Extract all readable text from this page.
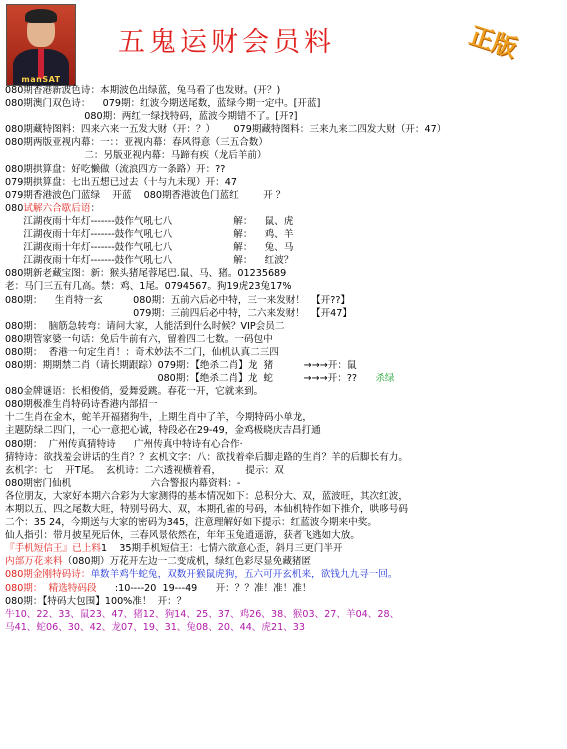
manSAT
五鬼运财会员料	正版
080期香港新波色诗：本期波色出绿蓝，兔马看了也发财。(开？)
080期澳门双色诗：    079期：红波今期送尾数，蓝绿今期一定中。[开蓝]
080期：两红一绿找特码，蓝波今期错不了。[开?]
080期藏特图料：四来六来一五发大财（开：？）      079期藏特图料：三来九来二四发大财（开：47）
080期两版亚视内幕：一：：亚视内幕：春风得意（三五合数）
二：另版亚视内幕：马蹄有疾（龙后羊前）
080期拱算盘：好吃懒做（流浪四方一条路）开：??
079期拱算盘：七出五想已过去（十与九未现）开：47
079期香港波色门蓝绿    开蓝    080期香港波色门蓝红        开 ？
080试解六合歇后语：
江湖夜雨十年灯-------鼓作气吼七八                    解：    鼠、虎
江湖夜雨十年灯-------鼓作气吼七八                    解：    鸡、羊
江湖夜雨十年灯-------鼓作气吼七八                    解：    兔、马
江湖夜雨十年灯-------鼓作气吼七八                    解：    红波？
080期新老藏宝图：新：猴头猪尾蓉尾巴.鼠、马、猪。01235689
老：马门三五有几高。禁：鸡、1尾。0794567。狗19虎23兔17%
080期：    生肖特一玄          080期：五前六后必中特，三一来发财！  【开??】
079期：三前四后必中特，二六来发财！  【开47】
080期：  脑筋急转弯：请问大家，人能活到什么时候？VIP会员二
080期管家婆一句话：免后牛前有六，留着四二七数。一码包中
080期：  香港一句定生肖！：奇术妙法不二门，仙机认真二三四
080期：期期禁二肖（请长期跟踪）079期：【绝杀二肖】龙  猪          →→→开：鼠
080期：【绝杀二肖】龙  蛇          →→→开：??      杀绿
080金牌谜语：长相俊俏，爱舞爱跳。春花一开，它就来到。
080期极准生肖特码诗香港内部招一
十二生肖在金木，蛇羊开福猪狗牛，上期生肖中了羊，今期特码小单龙，
主题防绿二四门，一心一意把心诚，特段必在29-49，金鸡极晓庆吉昌打通
080期：  广州传真猜特诗      广州传真中特诗有心合作·
猜特诗：欲找羞会讲话的生肖？？玄机文字：八：欲找着牵后脚走路的生肖？羊的后脚长有力。
玄机字：七    开T尾。  玄机诗：二六透视横着看，        提示：双
080期密门仙机                          六合警报内幕资料：-
各位朋友，大家好本期六合彩为大家测得的基本情况如下：总积分大、双，蓝波旺，其次红波，
本期以五、四之尾数大旺，特别号码大、双，本期孔雀的号码，本仙机特作如下推介，哄哆号码
二个：35 24，今期送与大家的密码为345，注意理解好如下提示：红蓝波今期来中奖。
仙人指引：带月披星死后休，三春风景依然在，年年玉兔逍遥游，获者飞逃如大放。
『手机短信王』已上料1    35期手机短信王：七情六欲意心歪，斜月三更门半开
内部万花来料（080期）万花开左边一二变成机，绿红色彩尽显免藏猪匿
080期金刚特码诗：单数羊鸡牛蛇兔，双数开猴鼠虎狗，五六可开玄机来，欲钱九九寻一回。
080期：  精选特码段      :10----20  19---49      开：？？准！准！准！
080期：【特码大包围】100%准！  开：？
牛10、22、33、鼠23、47、猪12、狗14、25、37、鸡26、38、猴03、27、羊04、28、
马41、蛇06、30、42、龙07、19、31、兔08、20、44、虎21、33
